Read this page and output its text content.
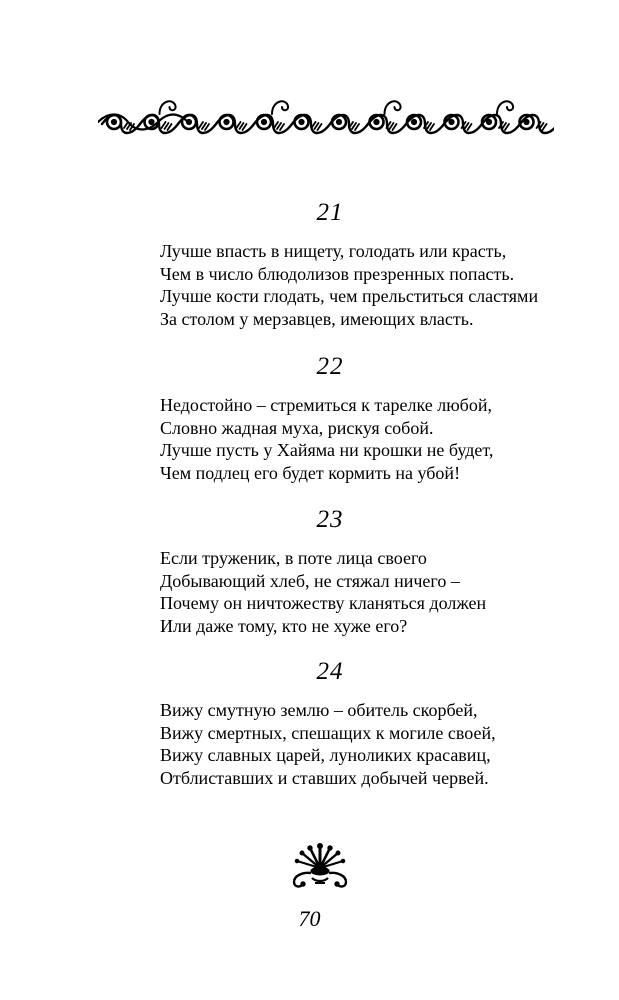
21
Лучше впасть в нищету, голодать или красть,
Чем в число блюдолизов презренных попасть.
Лучше кости глодать, чем прельститься сластями
За столом у мерзавцев, имеющих власть.
22
Недостойно – стремиться к тарелке любой,
Словно жадная муха, рискуя собой.
Лучше пусть у Хайяма ни крошки не будет,
Чем подлец его будет кормить на убой!
23
Если труженик, в поте лица своего
Добывающий хлеб, не стяжал ничего –
Почему он ничтожеству кланяться должен
Или даже тому, кто не хуже его?
24
Вижу смутную землю – обитель скорбей,
Вижу смертных, спешащих к могиле своей,
Вижу славных царей, луноликих красавиц,
Отблиставших и ставших добычей червей.
70
